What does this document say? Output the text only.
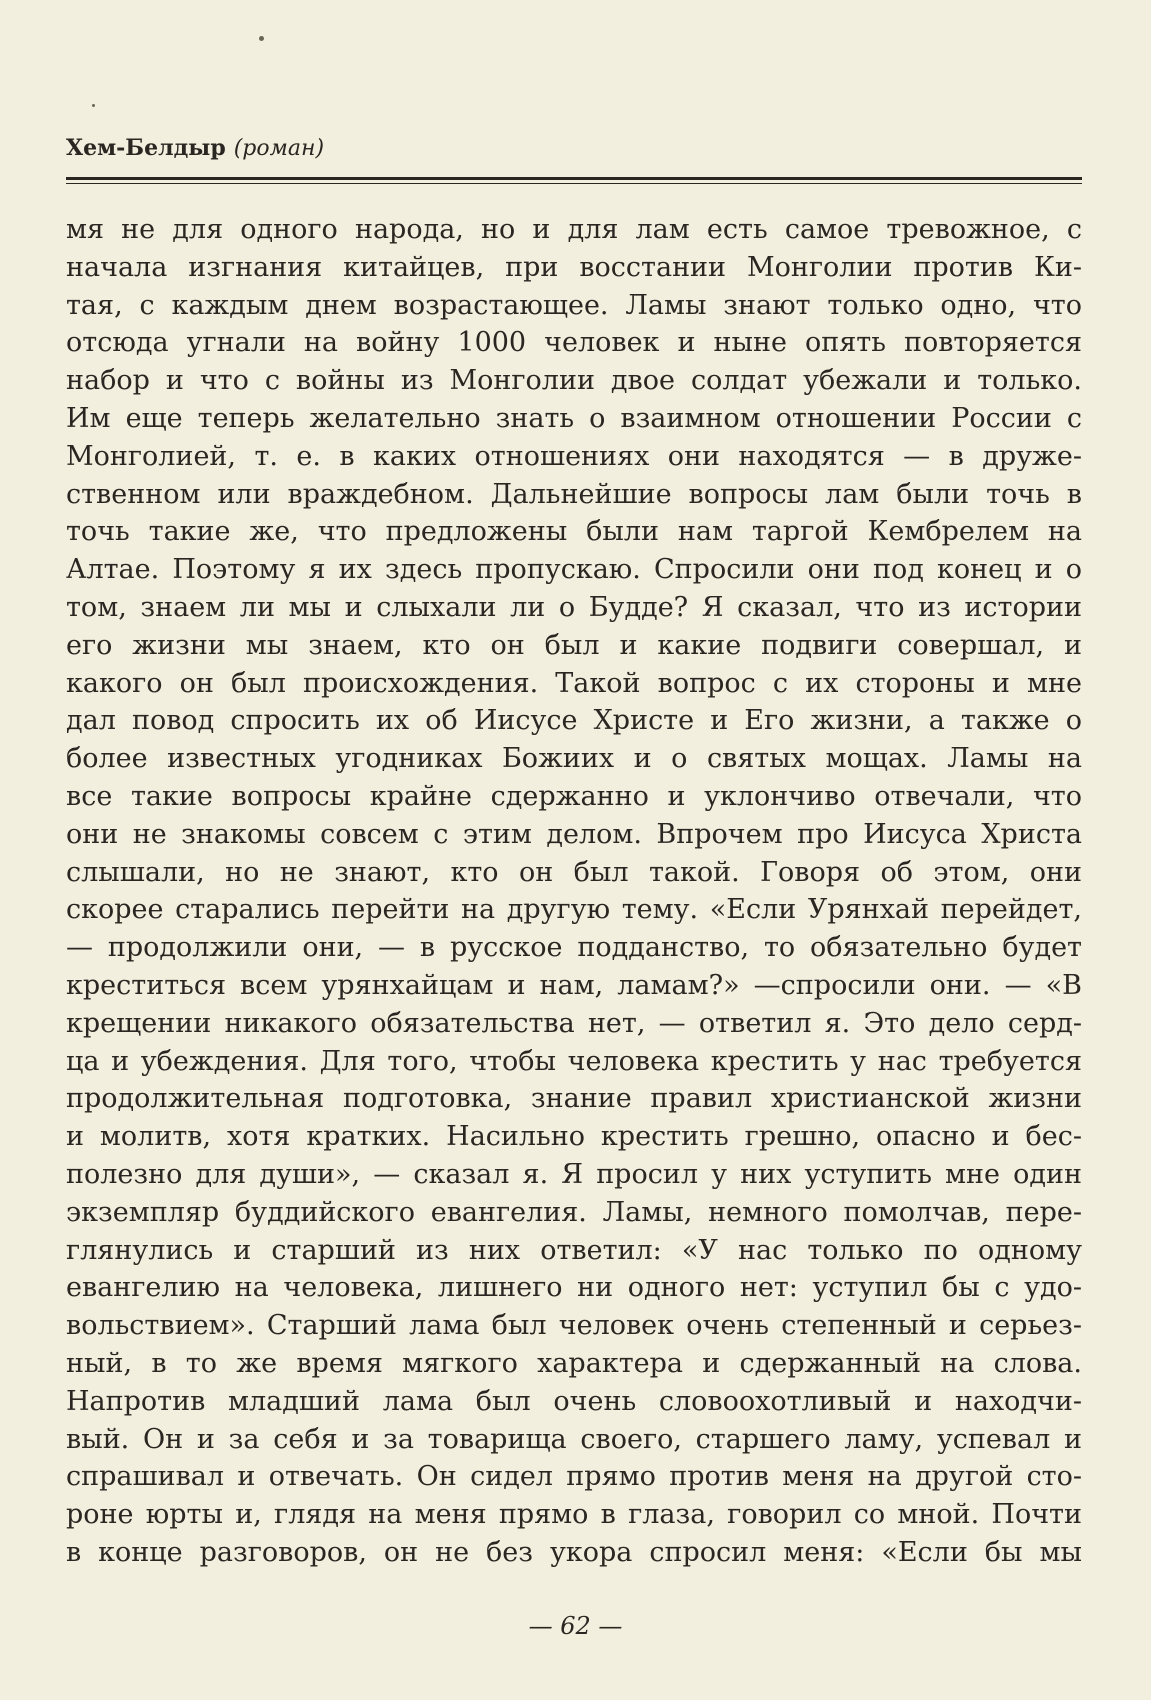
Хем-Белдыр (роман)
мя не для одного народа, но и для лам есть самое тревожное, с
начала изгнания китайцев, при восстании Монголии против Ки-
тая, с каждым днем возрастающее. Ламы знают только одно, что
отсюда угнали на войну 1000 человек и ныне опять повторяется
набор и что с войны из Монголии двое солдат убежали и только.
Им еще теперь желательно знать о взаимном отношении России с
Монголией, т. е. в каких отношениях они находятся — в друже-
ственном или враждебном. Дальнейшие вопросы лам были точь в
точь такие же, что предложены были нам таргой Кембрелем на
Алтае. Поэтому я их здесь пропускаю. Спросили они под конец и о
том, знаем ли мы и слыхали ли о Будде? Я сказал, что из истории
его жизни мы знаем, кто он был и какие подвиги совершал, и
какого он был происхождения. Такой вопрос с их стороны и мне
дал повод спросить их об Иисусе Христе и Его жизни, а также о
более известных угодниках Божиих и о святых мощах. Ламы на
все такие вопросы крайне сдержанно и уклончиво отвечали, что
они не знакомы совсем с этим делом. Впрочем про Иисуса Христа
слышали, но не знают, кто он был такой. Говоря об этом, они
скорее старались перейти на другую тему. «Если Урянхай перейдет,
— продолжили они, — в русское подданство, то обязательно будет
креститься всем урянхайцам и нам, ламам?» —спросили они. — «В
крещении никакого обязательства нет, — ответил я. Это дело серд-
ца и убеждения. Для того, чтобы человека крестить у нас требуется
продолжительная подготовка, знание правил христианской жизни
и молитв, хотя кратких. Насильно крестить грешно, опасно и бес-
полезно для души», — сказал я. Я просил у них уступить мне один
экземпляр буддийского евангелия. Ламы, немного помолчав, пере-
глянулись и старший из них ответил: «У нас только по одному
евангелию на человека, лишнего ни одного нет: уступил бы с удо-
вольствием». Старший лама был человек очень степенный и серьез-
ный, в то же время мягкого характера и сдержанный на слова.
Напротив младший лама был очень словоохотливый и находчи-
вый. Он и за себя и за товарища своего, старшего ламу, успевал и
спрашивал и отвечать. Он сидел прямо против меня на другой сто-
роне юрты и, глядя на меня прямо в глаза, говорил со мной. Почти
в конце разговоров, он не без укора спросил меня: «Если бы мы
— 62 —
